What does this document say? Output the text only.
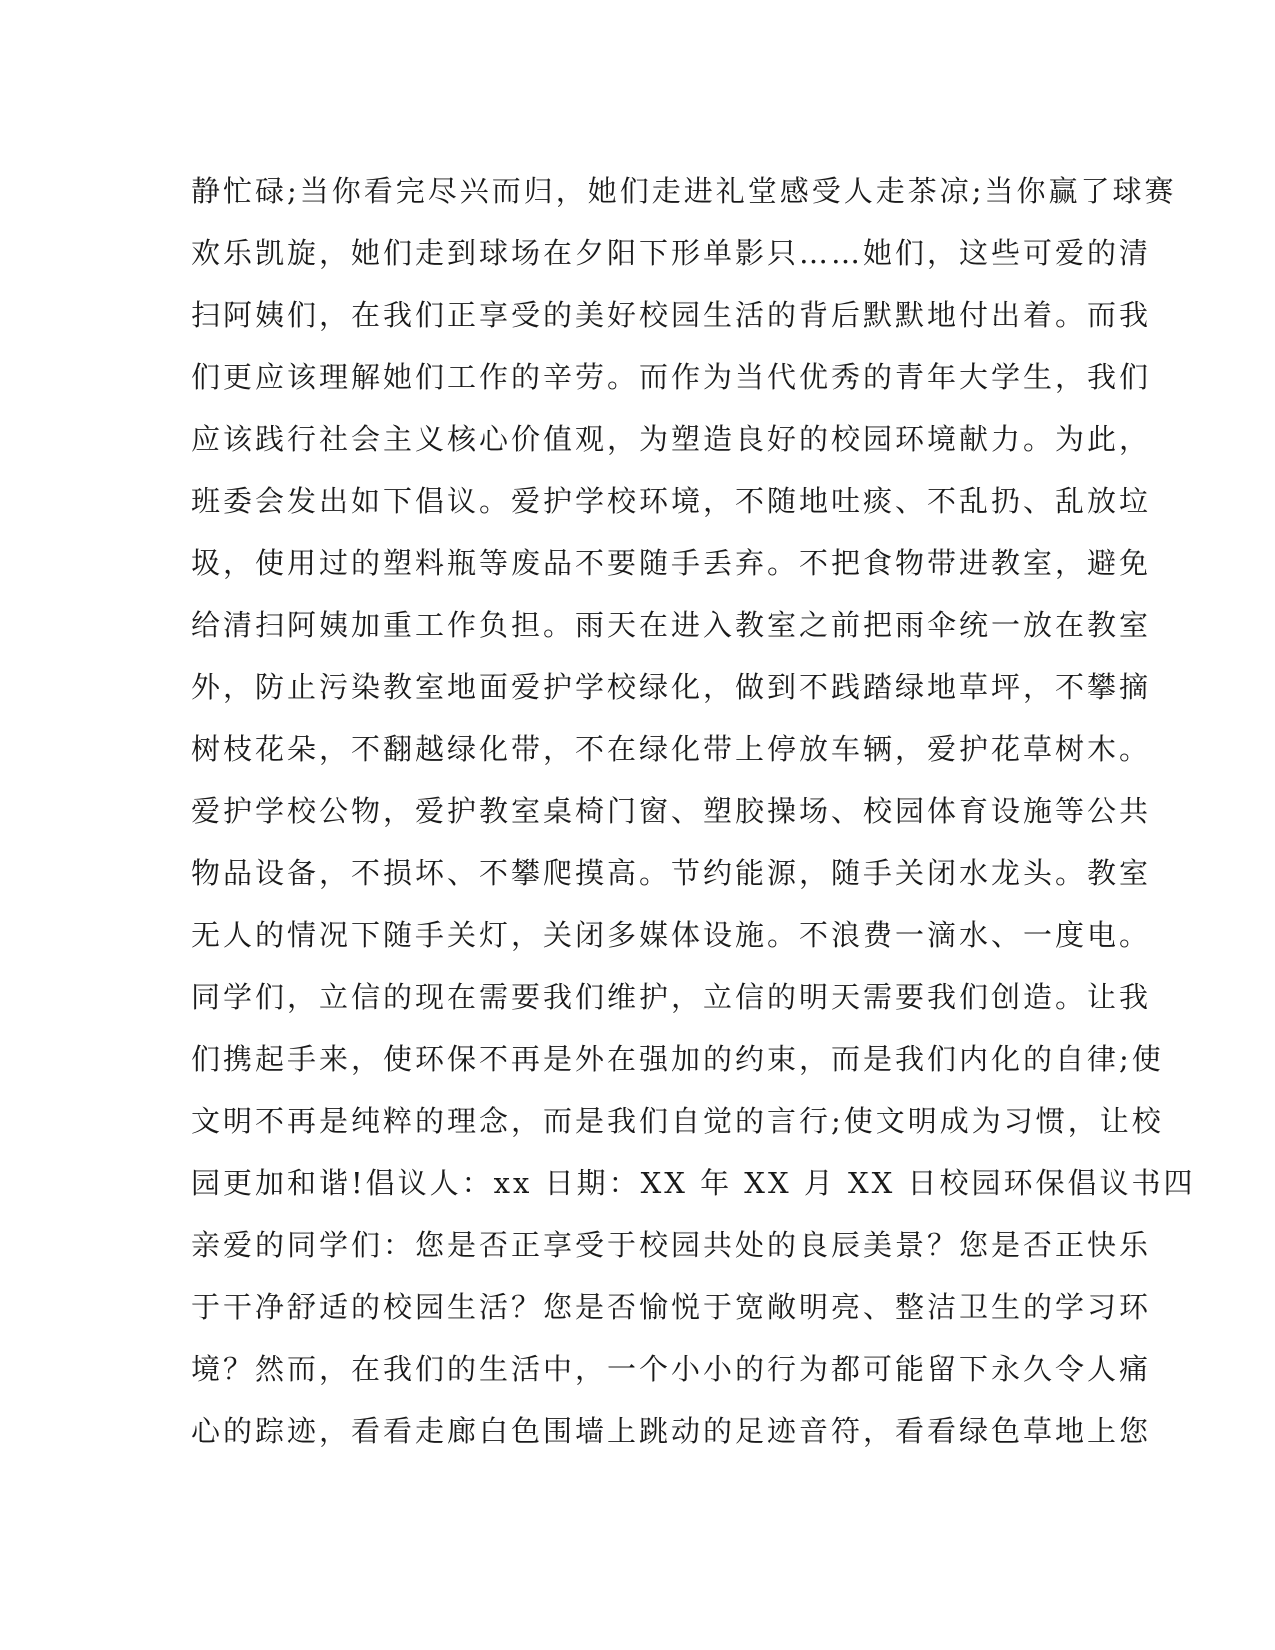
静忙碌;当你看完尽兴而归，她们走进礼堂感受人走茶凉;当你赢了球赛
欢乐凯旋，她们走到球场在夕阳下形单影只……她们，这些可爱的清
扫阿姨们，在我们正享受的美好校园生活的背后默默地付出着。而我
们更应该理解她们工作的辛劳。而作为当代优秀的青年大学生，我们
应该践行社会主义核心价值观，为塑造良好的校园环境献力。为此，
班委会发出如下倡议。爱护学校环境，不随地吐痰、不乱扔、乱放垃
圾，使用过的塑料瓶等废品不要随手丢弃。不把食物带进教室，避免
给清扫阿姨加重工作负担。雨天在进入教室之前把雨伞统一放在教室
外，防止污染教室地面爱护学校绿化，做到不践踏绿地草坪，不攀摘
树枝花朵，不翻越绿化带，不在绿化带上停放车辆，爱护花草树木。
爱护学校公物，爱护教室桌椅门窗、塑胶操场、校园体育设施等公共
物品设备，不损坏、不攀爬摸高。节约能源，随手关闭水龙头。教室
无人的情况下随手关灯，关闭多媒体设施。不浪费一滴水、一度电。
同学们，立信的现在需要我们维护，立信的明天需要我们创造。让我
们携起手来，使环保不再是外在强加的约束，而是我们内化的自律;使
文明不再是纯粹的理念，而是我们自觉的言行;使文明成为习惯，让校
园更加和谐!倡议人：xx 日期：XX 年 XX 月 XX 日校园环保倡议书四
亲爱的同学们：您是否正享受于校园共处的良辰美景？您是否正快乐
于干净舒适的校园生活？您是否愉悦于宽敞明亮、整洁卫生的学习环
境？然而，在我们的生活中，一个小小的行为都可能留下永久令人痛
心的踪迹，看看走廊白色围墙上跳动的足迹音符，看看绿色草地上您
